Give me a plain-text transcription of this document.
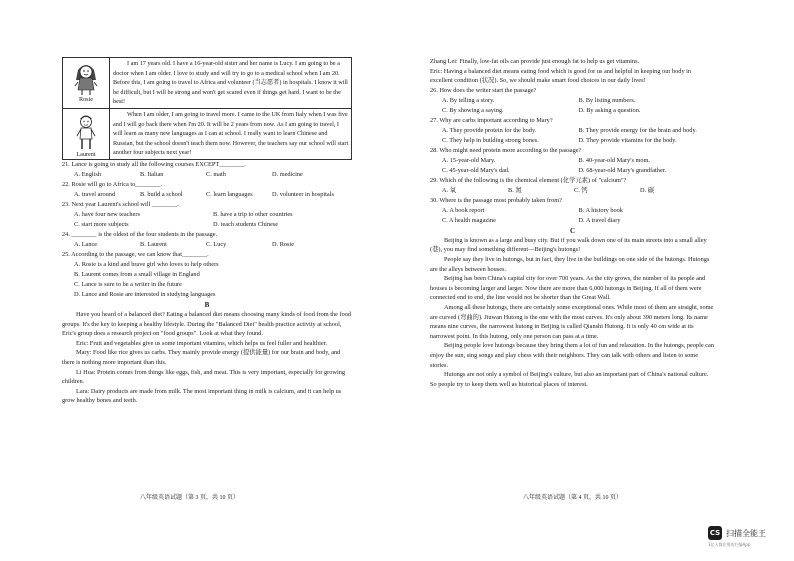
Rosie	I am 17 years old. I have a 16-year-old sister and her name is Lucy. I am going to be a doctor when I am older. I love to study and will try to go to a medical school when I am 20. Before this, I am going to travel to Africa and volunteer (当志愿者) in hospitals. I know it will be difficult, but I will be strong and won't get scared even if things get hard. I want to be the best!

Laurent	When I am older, I am going to travel more. I came to the UK from Italy when I was five and I will go back there when I'm 20. It will be 2 years from now. As I am going to travel, I will learn as many new languages as I can at school. I really want to learn Chinese and Russian, but the school doesn't teach them now. However, the teachers say our school will start another four subjects next year!

21. Lance is going to study all the following courses EXCEPT________.

A. English	B. Italian	C. math	D. medicine

22. Rosie will go to Africa to________.

A. travel around	B. build a school	C. learn languages	D. volunteer in hospitals

23. Next year Laurent's school will ________.

A. have four new teachers	B. have a trip to other countries
C. start more subjects	D. teach students Chinese

24. ________ is the oldest of the four students in the passage.

A. Lance	B. Laurent	C. Lucy	D. Rosie

25. According to the passage, we can know that________.

A. Rosie is a kind and brave girl who loves to help others

B. Laurent comes from a small village in England

C. Lance is sure to be a writer in the future

D. Lance and Rosie are interested in studying languages

B

Have you heard of a balanced diet? Eating a balanced diet means choosing many kinds of food from the food groups. It's the key to keeping a healthy lifestyle. During the "Balanced Diet" health practice activity at school, Eric's group does a research project on "food groups". Look at what they found.

Eric: Fruit and vegetables give us some important vitamins, which helps us feel fuller and healthier.

Mary: Food like rice gives us carbs. They mainly provide energy (提供能量) for our brain and body, and there is nothing more important than this.

Li Hua: Protein comes from things like eggs, fish, and meat. This is very important, especially for growing children.

Lara: Dairy products are made from milk. The most important thing in milk is calcium, and it can help us grow healthy bones and teeth.

八年级英语试题（第 3 页，共 10 页）

Zhang Lei: Finally, low-fat oils can provide just enough fat to help us get vitamins.

Eric: Having a balanced diet means eating food which is good for us and helpful in keeping our body in excellent condition (状况). So, we should make smart food choices in our daily lives!

26. How does the writer start the passage?

A. By telling a story.	B. By listing numbers.
C. By showing a saying.	D. By asking a question.

27. Why are carbs important according to Mary?

A. They provide protein for the body.	B. They provide energy for the brain and body.
C. They help in building strong bones.	D. They provide vitamins for the body.

28. Who might need protein more according to the passage?

A. 15-year-old Mary.	B. 40-year-old Mary's mom.
C. 45-year-old Mary's dad.	D. 68-year-old Mary's grandfather.

29. Which of the following is the chemical element (化学元素) of "calcium"?

A. 氧	B. 氮	C. 钙	D. 碳

30. Where is the passage most probably taken from?

A. A book report	B. A history book
C. A health magazine	D. A travel diary

C

Beijing is known as a large and busy city. But if you walk down one of its main streets into a small alley (巷), you may find something different—Beijing's hutongs!

People say they live in hutongs, but in fact, they live in the buildings on one side of the hutongs. Hutongs are the alleys between houses.

Beijing has been China's capital city for over 700 years. As the city grows, the number of its people and houses is becoming larger and larger. Now there are more than 6,000 hutongs in Beijing. If all of them were connected end to end, the line would not be shorter than the Great Wall.

Among all these hutongs, there are certainly some exceptional ones. While most of them are straight, some are curved (弯曲的). Jiuwan Hutong is the one with the most curves. It's only about 390 meters long. Its name means nine curves, the narrowest hutong in Beijing is called Qianshi Hutong. It is only 40 cm wide at its narrowest point. In this hutong, only one person can pass at a time.

Beijing people love hutongs because they bring them a lot of fun and relaxation. In the hutongs, people can enjoy the sun, sing songs and play chess with their neighbors. They can talk with others and listen to some stories.

Hutongs are not only a symbol of Beijing's culture, but also an important part of China's national culture. So people try to keep them well as historical places of interest.

八年级英语试题（第 4 页，共 10 页）
CS 扫描全能王
3亿人都在用的扫描App
